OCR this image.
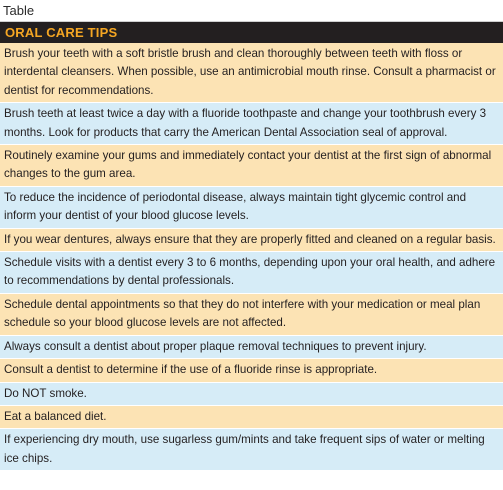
Table
ORAL CARE TIPS
Brush your teeth with a soft bristle brush and clean thoroughly between teeth with floss or interdental cleansers. When possible, use an antimicrobial mouth rinse. Consult a pharmacist or dentist for recommendations.
Brush teeth at least twice a day with a fluoride toothpaste and change your toothbrush every 3 months. Look for products that carry the American Dental Association seal of approval.
Routinely examine your gums and immediately contact your dentist at the first sign of abnormal changes to the gum area.
To reduce the incidence of periodontal disease, always maintain tight glycemic control and inform your dentist of your blood glucose levels.
If you wear dentures, always ensure that they are properly fitted and cleaned on a regular basis.
Schedule visits with a dentist every 3 to 6 months, depending upon your oral health, and adhere to recommendations by dental professionals.
Schedule dental appointments so that they do not interfere with your medication or meal plan schedule so your blood glucose levels are not affected.
Always consult a dentist about proper plaque removal techniques to prevent injury.
Consult a dentist to determine if the use of a fluoride rinse is appropriate.
Do NOT smoke.
Eat a balanced diet.
If experiencing dry mouth, use sugarless gum/mints and take frequent sips of water or melting ice chips.
